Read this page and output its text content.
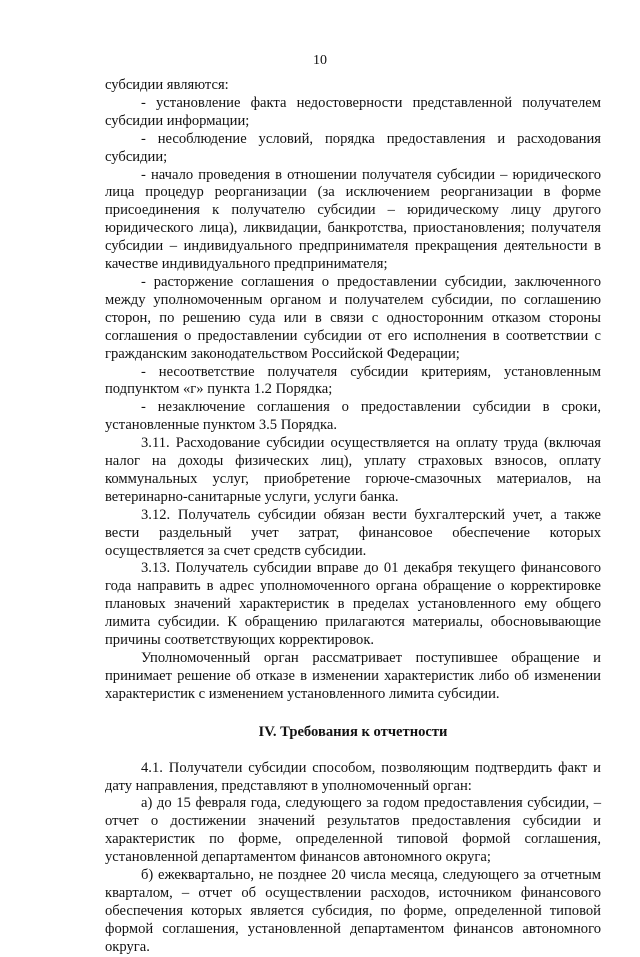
10

субсидии являются:

- установление факта недостоверности представленной получателем субсидии информации;

- несоблюдение условий, порядка предоставления и расходования субсидии;

- начало проведения в отношении получателя субсидии – юридического лица процедур реорганизации (за исключением реорганизации в форме присоединения к получателю субсидии – юридическому лицу другого юридического лица), ликвидации, банкротства, приостановления; получателя субсидии – индивидуального предпринимателя прекращения деятельности в качестве индивидуального предпринимателя;

- расторжение соглашения о предоставлении субсидии, заключенного между уполномоченным органом и получателем субсидии, по соглашению сторон, по решению суда или в связи с односторонним отказом стороны соглашения о предоставлении субсидии от его исполнения в соответствии с гражданским законодательством Российской Федерации;

- несоответствие получателя субсидии критериям, установленным подпунктом «г» пункта 1.2 Порядка;

- незаключение соглашения о предоставлении субсидии в сроки, установленные пунктом 3.5 Порядка.

3.11. Расходование субсидии осуществляется на оплату труда (включая налог на доходы физических лиц), уплату страховых взносов, оплату коммунальных услуг, приобретение горюче-смазочных материалов, на ветеринарно-санитарные услуги, услуги банка.

3.12. Получатель субсидии обязан вести бухгалтерский учет, а также вести раздельный учет затрат, финансовое обеспечение которых осуществляется за счет средств субсидии.

3.13. Получатель субсидии вправе до 01 декабря текущего финансового года направить в адрес уполномоченного органа обращение о корректировке плановых значений характеристик в пределах установленного ему общего лимита субсидии. К обращению прилагаются материалы, обосновывающие причины соответствующих корректировок.

Уполномоченный орган рассматривает поступившее обращение и принимает решение об отказе в изменении характеристик либо об изменении характеристик с изменением установленного лимита субсидии.

IV. Требования к отчетности

4.1. Получатели субсидии способом, позволяющим подтвердить факт и дату направления, представляют в уполномоченный орган:

а) до 15 февраля года, следующего за годом предоставления субсидии, – отчет о достижении значений результатов предоставления субсидии и характеристик по форме, определенной типовой формой соглашения, установленной департаментом финансов автономного округа;

б) ежеквартально, не позднее 20 числа месяца, следующего за отчетным кварталом, – отчет об осуществлении расходов, источником финансового обеспечения которых является субсидия, по форме, определенной типовой формой соглашения, установленной департаментом финансов автономного округа.
